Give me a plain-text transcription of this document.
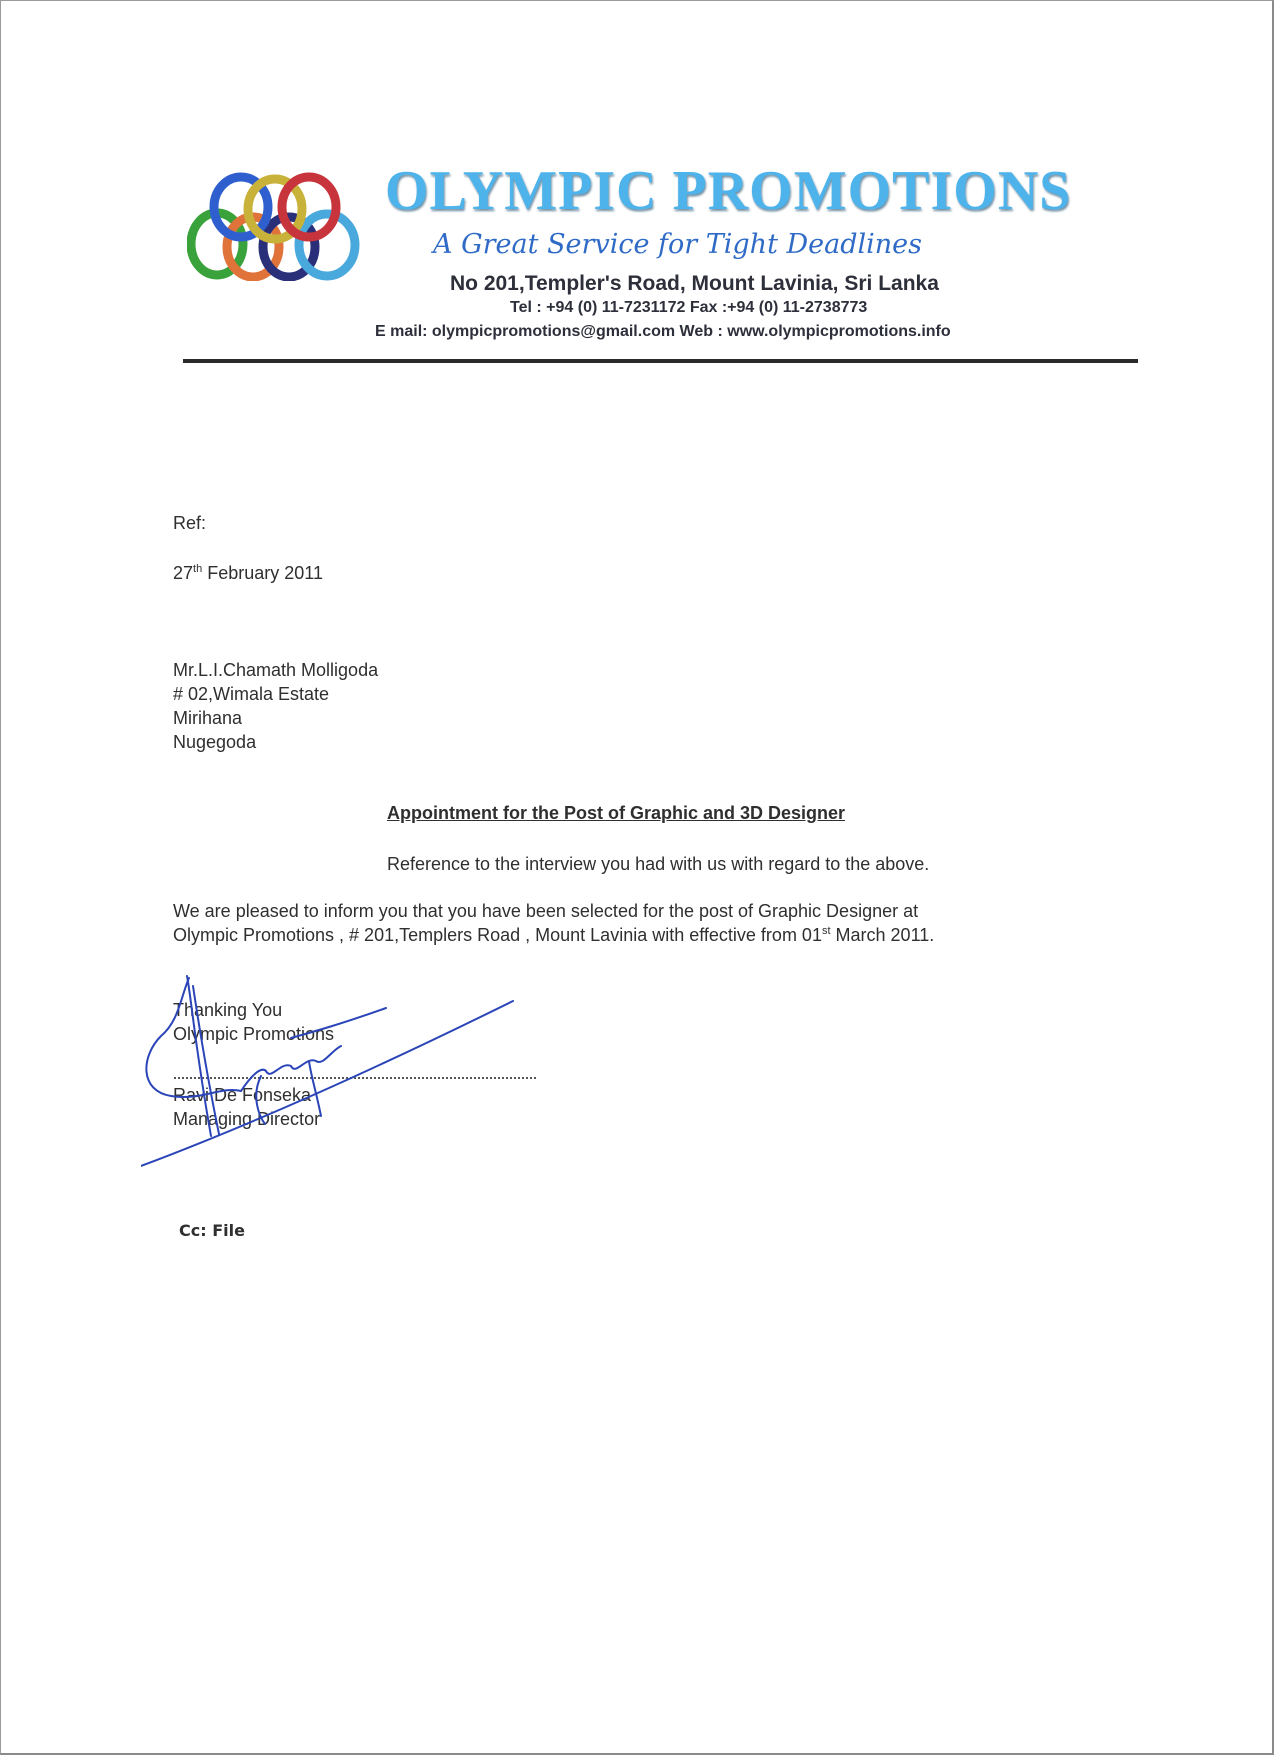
OLYMPIC PROMOTIONS
A Great Service for Tight Deadlines
No 201,Templer's Road, Mount Lavinia, Sri Lanka
Tel : +94 (0) 11-7231172 Fax :+94 (0) 11-2738773
E mail: olympicpromotions@gmail.com Web : www.olympicpromotions.info
Ref:
27th February 2011
Mr.L.I.Chamath Molligoda
# 02,Wimala Estate
Mirihana
Nugegoda
Appointment for the Post of Graphic and 3D Designer
Reference to the interview you had with us with regard to the above.
We are pleased to inform you that you have been selected for the post of Graphic Designer at
Olympic Promotions , # 201,Templers Road , Mount Lavinia with effective from 01st March 2011.
Thanking You
Olympic Promotions
Ravi De Fonseka
Managing Director
Cc: File
